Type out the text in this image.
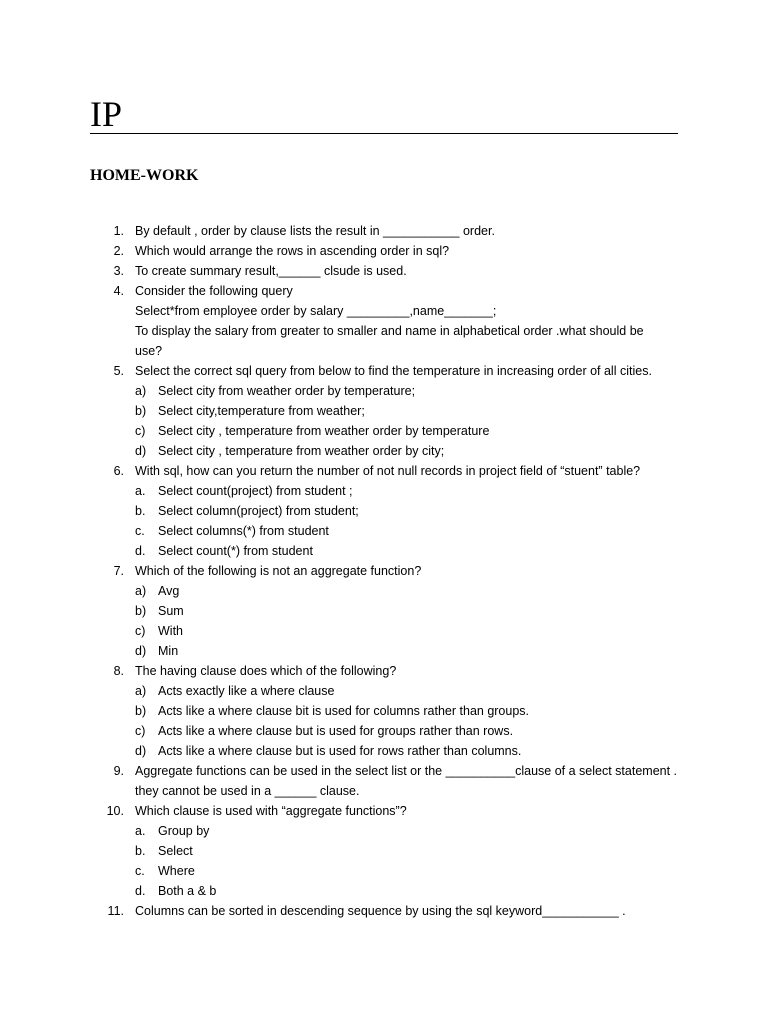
IP
HOME-WORK
1. By default , order by clause lists the result in ___________ order.
2. Which would arrange the rows in ascending order in sql?
3. To create summary result,______ clsude is used.
4. Consider the following query
Select*from employee order by salary _________,name_______;
To display the salary from greater to smaller and name in alphabetical order .what should be
use?
5. Select the correct sql query from below to find the temperature in increasing order of all cities.
a) Select city from weather order by temperature;
b) Select city,temperature from weather;
c) Select city , temperature from weather order by temperature
d) Select city , temperature from weather order by city;
6. With sql, how can you return the number of not null records in project field of “stuent” table?
a. Select count(project) from student ;
b. Select column(project) from student;
c. Select columns(*) from student
d. Select count(*) from student
7. Which of the following is not an aggregate function?
a) Avg
b) Sum
c) With
d) Min
8. The having clause does which of the following?
a) Acts exactly like a where clause
b) Acts like a where clause bit is used for columns rather than groups.
c) Acts like a where clause but is used for groups rather than rows.
d) Acts like a where clause but is used for rows rather than columns.
9. Aggregate functions can be used in the select list or the __________clause of a select statement .
they cannot be used in a ______ clause.
10. Which clause is used with “aggregate functions”?
a. Group by
b. Select
c. Where
d. Both a & b
11. Columns can be sorted in descending sequence by using the sql keyword___________ .
